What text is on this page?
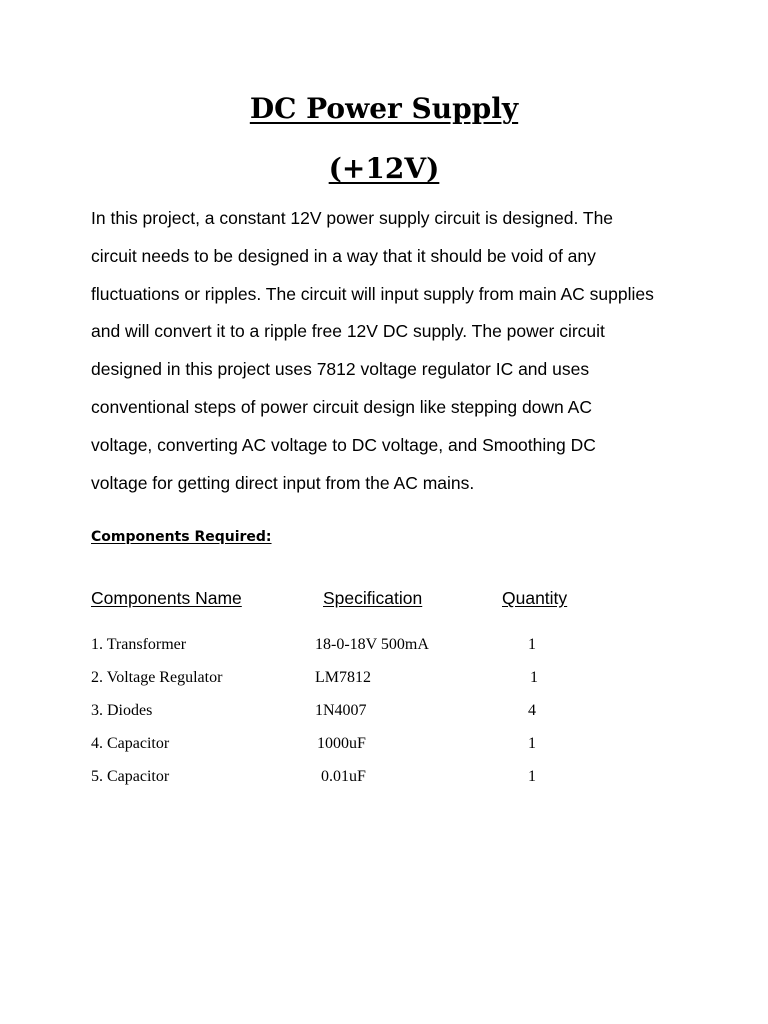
DC Power Supply
(+12V)

In this project, a constant 12V power supply circuit is designed. The
circuit needs to be designed in a way that it should be void of any
fluctuations or ripples. The circuit will input supply from main AC supplies
and will convert it to a ripple free 12V DC supply. The power circuit
designed in this project uses 7812 voltage regulator IC and uses
conventional steps of power circuit design like stepping down AC
voltage, converting AC voltage to DC voltage, and Smoothing DC
voltage for getting direct input from the AC mains.

Components Required:
Components Name	Specification	Quantity
1. Transformer	18-0-18V 500mA	1
2. Voltage Regulator	LM7812	1
3. Diodes	1N4007	4
4. Capacitor	1000uF	1
5. Capacitor	0.01uF	1
